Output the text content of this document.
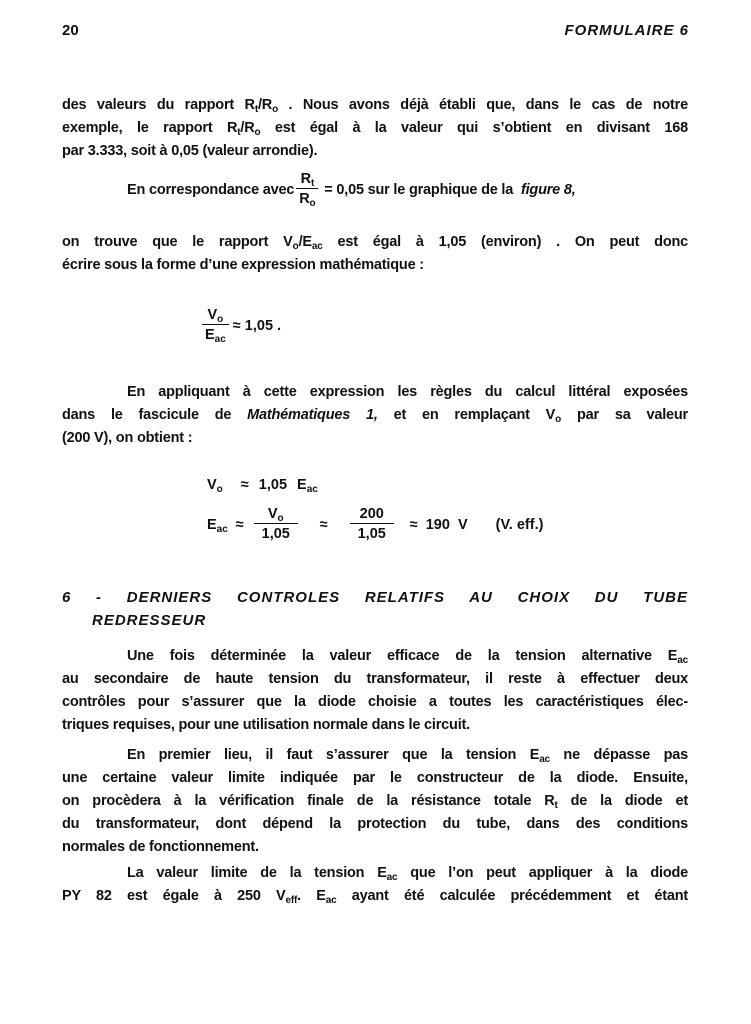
20	FORMULAIRE 6
des valeurs du rapport $R_t/R_o$ . Nous avons déjà établi que, dans le cas de notre
exemple, le rapport $R_t/R_o$ est égal à la valeur qui s’obtient en divisant 168
par 3.333, soit à 0,05 (valeur arrondie).
En correspondance avec $\frac{R_t}{R_o} = 0,05$ sur le graphique de la figure 8,
on trouve que le rapport $V_o/E_{ac}$ est égal à 1,05 (environ) . On peut donc
écrire sous la forme d’une expression mathématique :
$\frac{V_o}{E_{ac}} \approx 1,05$ .
En appliquant à cette expression les règles du calcul littéral exposées
dans le fascicule de Mathématiques 1, et en remplaçant $V_o$ par sa valeur
(200 V), on obtient :
$V_o \approx 1,05$ $E_{ac}$
$E_{ac} \approx \frac{V_o}{1,05} \approx \frac{200}{1,05} \approx 190$ V (V. eff.)
6 - DERNIERS CONTROLES RELATIFS AU CHOIX DU TUBE
REDRESSEUR
Une fois déterminée la valeur efficace de la tension alternative $E_{ac}$
au secondaire de haute tension du transformateur, il reste à effectuer deux
contrôles pour s’assurer que la diode choisie a toutes les caractéristiques élec-
triques requises, pour une utilisation normale dans le circuit.
En premier lieu, il faut s’assurer que la tension $E_{ac}$ ne dépasse pas
une certaine valeur limite indiquée par le constructeur de la diode. Ensuite,
on procèdera à la vérification finale de la résistance totale $R_t$ de la diode et
du transformateur, dont dépend la protection du tube, dans des conditions
normales de fonctionnement.
La valeur limite de la tension $E_{ac}$ que l’on peut appliquer à la diode
PY 82 est égale à 250 $V_{eff}$. $E_{ac}$ ayant été calculée précédemment et étant
